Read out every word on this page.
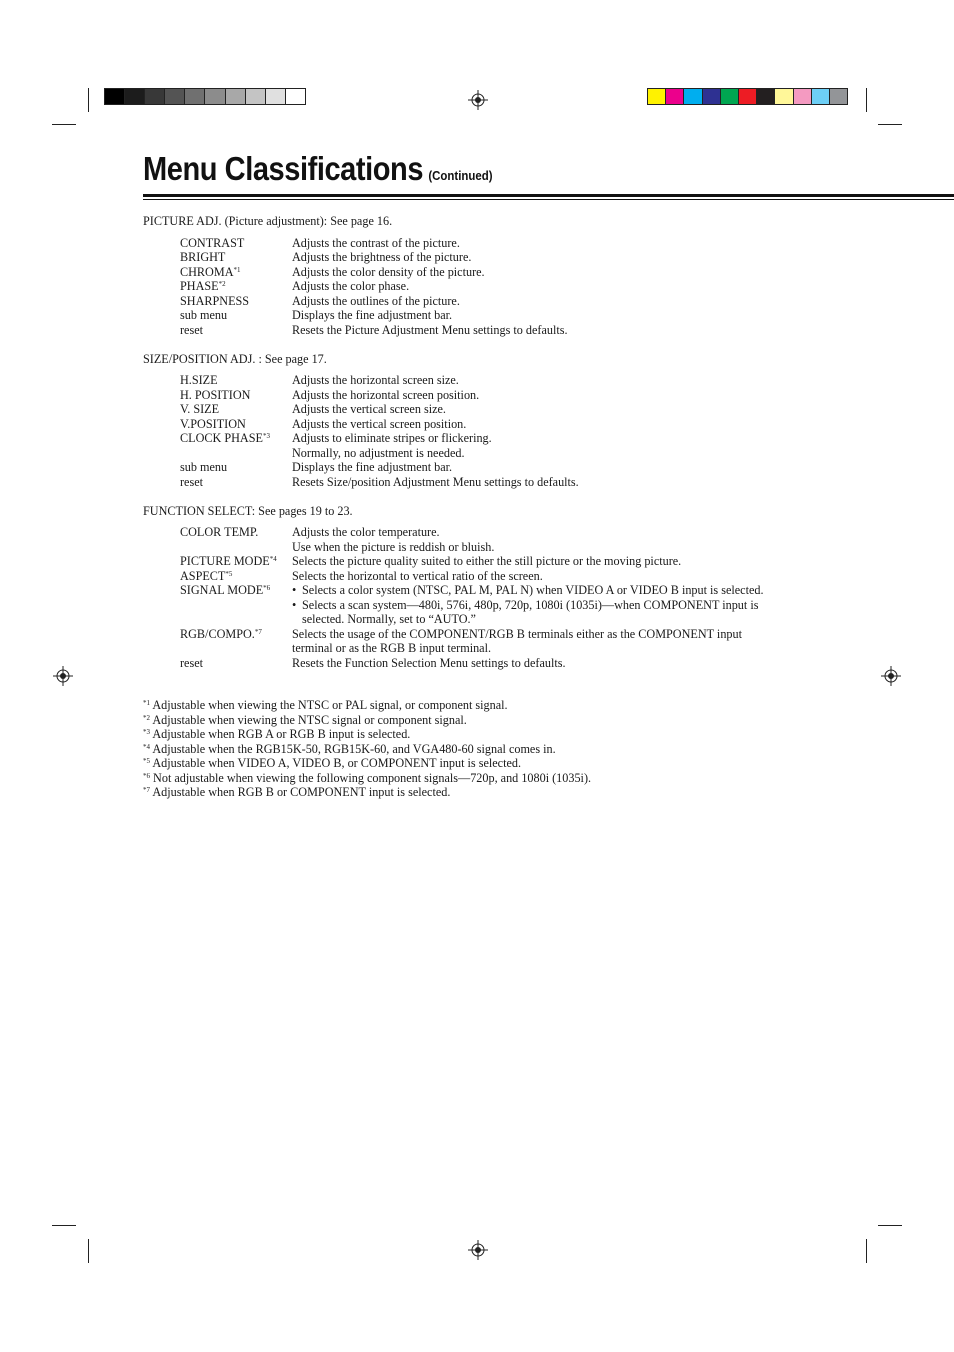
Menu Classifications (Continued)

PICTURE ADJ. (Picture adjustment): See page 16.

CONTRAST	Adjusts the contrast of the picture.
BRIGHT	Adjusts the brightness of the picture.
CHROMA$^{*1}$	Adjusts the color density of the picture.
PHASE$^{*2}$	Adjusts the color phase.
SHARPNESS	Adjusts the outlines of the picture.
sub menu	Displays the fine adjustment bar.
reset	Resets the Picture Adjustment Menu settings to defaults.

SIZE/POSITION ADJ. : See page 17.

H.SIZE	Adjusts the horizontal screen size.
H. POSITION	Adjusts the horizontal screen position.
V. SIZE	Adjusts the vertical screen size.
V.POSITION	Adjusts the vertical screen position.
CLOCK PHASE$^{*3}$	Adjusts to eliminate stripes or flickering.
Normally, no adjustment is needed.
sub menu	Displays the fine adjustment bar.
reset	Resets Size/position Adjustment Menu settings to defaults.

FUNCTION SELECT: See pages 19 to 23.

COLOR TEMP.	Adjusts the color temperature.
Use when the picture is reddish or bluish.
PICTURE MODE$^{*4}$	Selects the picture quality suited to either the still picture or the moving picture.
ASPECT$^{*5}$	Selects the horizontal to vertical ratio of the screen.
SIGNAL MODE$^{*6}$	• Selects a color system (NTSC, PAL M, PAL N) when VIDEO A or VIDEO B input is selected.
• Selects a scan system—480i, 576i, 480p, 720p, 1080i (1035i)—when COMPONENT input is
selected. Normally, set to “AUTO.”
RGB/COMPO.$^{*7}$	Selects the usage of the COMPONENT/RGB B terminals either as the COMPONENT input
terminal or as the RGB B input terminal.
reset	Resets the Function Selection Menu settings to defaults.

$^{*1}$ Adjustable when viewing the NTSC or PAL signal, or component signal.

$^{*2}$ Adjustable when viewing the NTSC signal or component signal.

$^{*3}$ Adjustable when RGB A or RGB B input is selected.

$^{*4}$ Adjustable when the RGB15K-50, RGB15K-60, and VGA480-60 signal comes in.

$^{*5}$ Adjustable when VIDEO A, VIDEO B, or COMPONENT input is selected.

$^{*6}$ Not adjustable when viewing the following component signals—720p, and 1080i (1035i).

$^{*7}$ Adjustable when RGB B or COMPONENT input is selected.
